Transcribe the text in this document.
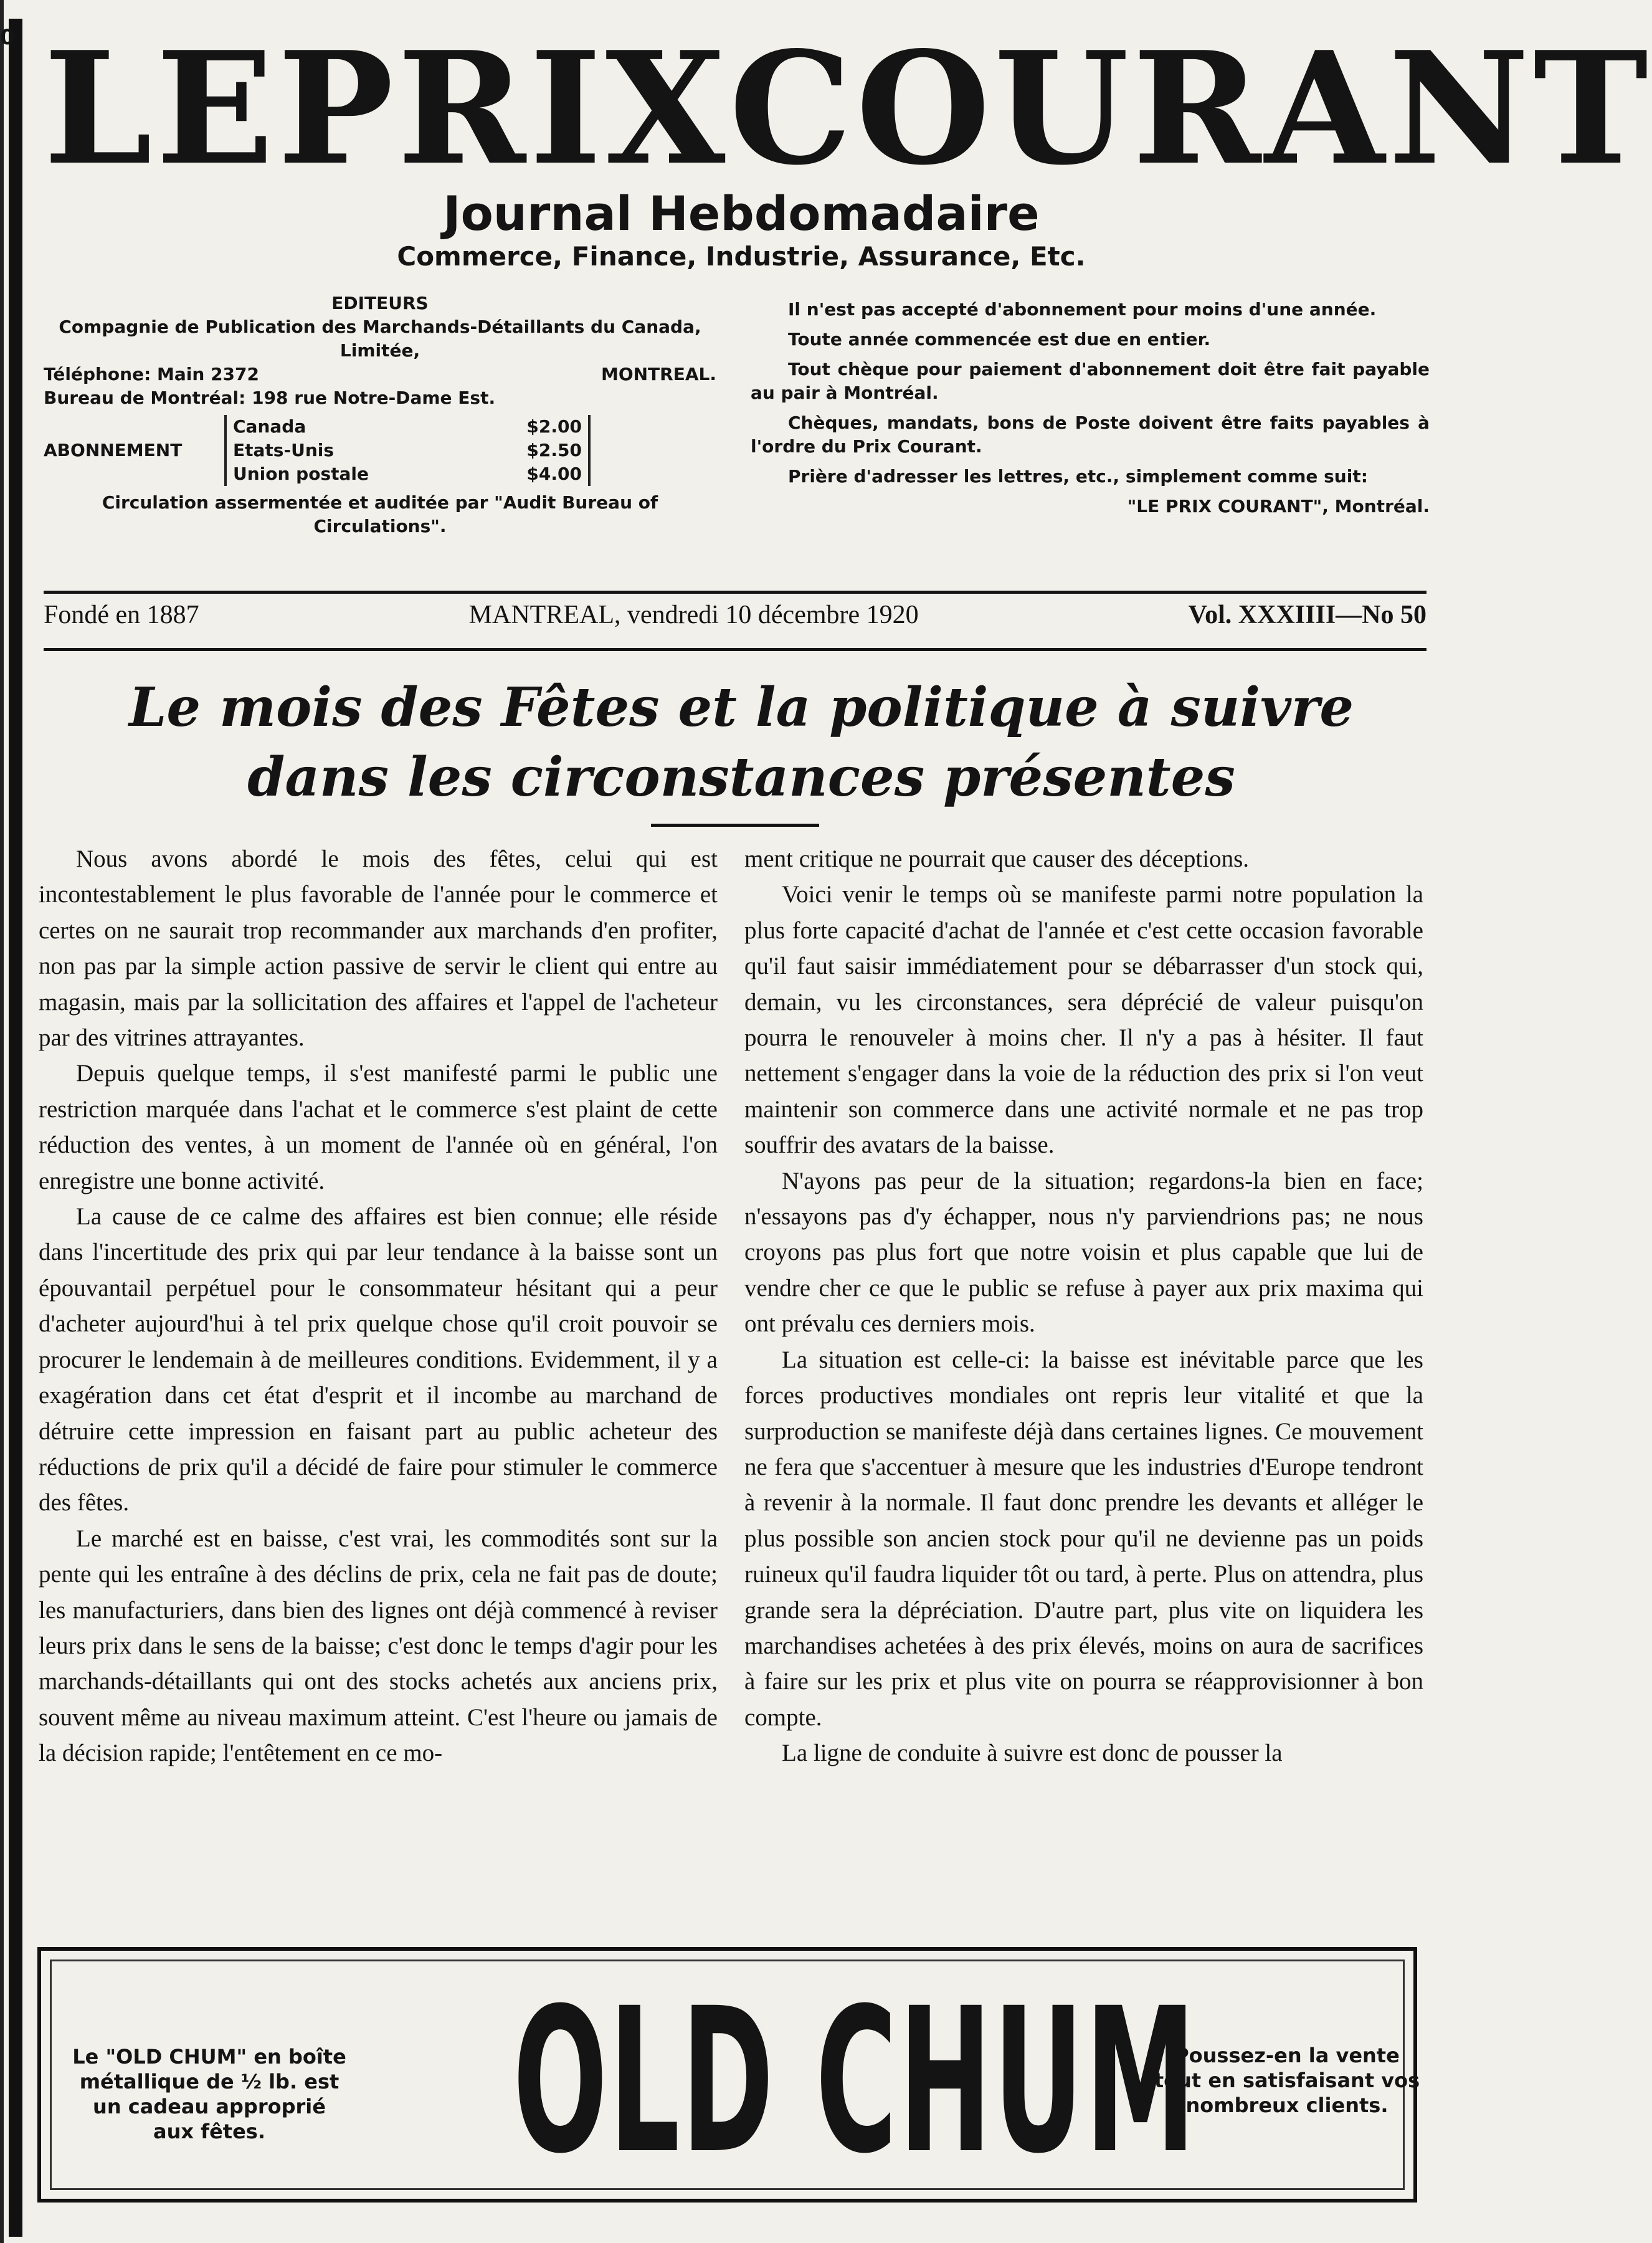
0 LE PRIX COURANT
Journal Hebdomadaire
Commerce, Finance, Industrie, Assurance, Etc.
EDITEURS
Compagnie de Publication des Marchands-Détaillants du Canada, Limitée,
Téléphone: Main 2372	MONTREAL.
Bureau de Montréal: 198 rue Notre-Dame Est.
ABONNEMENT
Canada	$2.00
Etats-Unis	$2.50
Union postale	$4.00
Circulation assermentée et auditée par "Audit Bureau of Circulations".

Il n'est pas accepté d'abonnement pour moins d'une année.

Toute année commencée est due en entier.

Tout chèque pour paiement d'abonnement doit être fait payable au pair à Montréal.

Chèques, mandats, bons de Poste doivent être faits payables à l'ordre du Prix Courant.

Prière d'adresser les lettres, etc., simplement comme suit:

"LE PRIX COURANT", Montréal.
Fondé en 1887	MANTREAL, vendredi 10 décembre 1920	Vol. XXXIIII—No 50
Le mois des Fêtes et la politique à suivre
dans les circonstances présentes

Nous avons abordé le mois des fêtes, celui qui est incontestablement le plus favorable de l'année pour le commerce et certes on ne saurait trop recommander aux marchands d'en profiter, non pas par la simple action passive de servir le client qui entre au magasin, mais par la sollicitation des affaires et l'appel de l'acheteur par des vitrines attrayantes.

Depuis quelque temps, il s'est manifesté parmi le public une restriction marquée dans l'achat et le commerce s'est plaint de cette réduction des ventes, à un moment de l'année où en général, l'on enregistre une bonne activité.

La cause de ce calme des affaires est bien connue; elle réside dans l'incertitude des prix qui par leur tendance à la baisse sont un épouvantail perpétuel pour le consommateur hésitant qui a peur d'acheter aujourd'hui à tel prix quelque chose qu'il croit pouvoir se procurer le lendemain à de meilleures conditions. Evidemment, il y a exagération dans cet état d'esprit et il incombe au marchand de détruire cette impression en faisant part au public acheteur des réductions de prix qu'il a décidé de faire pour stimuler le commerce des fêtes.

Le marché est en baisse, c'est vrai, les commodités sont sur la pente qui les entraîne à des déclins de prix, cela ne fait pas de doute; les manufacturiers, dans bien des lignes ont déjà commencé à reviser leurs prix dans le sens de la baisse; c'est donc le temps d'agir pour les marchands-détaillants qui ont des stocks achetés aux anciens prix, souvent même au niveau maximum atteint. C'est l'heure ou jamais de la décision rapide; l'entêtement en ce mo-

ment critique ne pourrait que causer des déceptions.

Voici venir le temps où se manifeste parmi notre population la plus forte capacité d'achat de l'année et c'est cette occasion favorable qu'il faut saisir immédiatement pour se débarrasser d'un stock qui, demain, vu les circonstances, sera déprécié de valeur puisqu'on pourra le renouveler à moins cher. Il n'y a pas à hésiter. Il faut nettement s'engager dans la voie de la réduction des prix si l'on veut maintenir son commerce dans une activité normale et ne pas trop souffrir des avatars de la baisse.

N'ayons pas peur de la situation; regardons-la bien en face; n'essayons pas d'y échapper, nous n'y parviendrions pas; ne nous croyons pas plus fort que notre voisin et plus capable que lui de vendre cher ce que le public se refuse à payer aux prix maxima qui ont prévalu ces derniers mois.

La situation est celle-ci: la baisse est inévitable parce que les forces productives mondiales ont repris leur vitalité et que la surproduction se manifeste déjà dans certaines lignes. Ce mouvement ne fera que s'accentuer à mesure que les industries d'Europe tendront à revenir à la normale. Il faut donc prendre les devants et alléger le plus possible son ancien stock pour qu'il ne devienne pas un poids ruineux qu'il faudra liquider tôt ou tard, à perte. Plus on attendra, plus grande sera la dépréciation. D'autre part, plus vite on liquidera les marchandises achetées à des prix élevés, moins on aura de sacrifices à faire sur les prix et plus vite on pourra se réapprovisionner à bon compte.

La ligne de conduite à suivre est donc de pousser la

Le "OLD CHUM" en boîte métallique de ½ lb. est un cadeau approprié aux fêtes.	OLD CHUM
Poussez-en la vente tout en satisfaisant vos nombreux clients.
